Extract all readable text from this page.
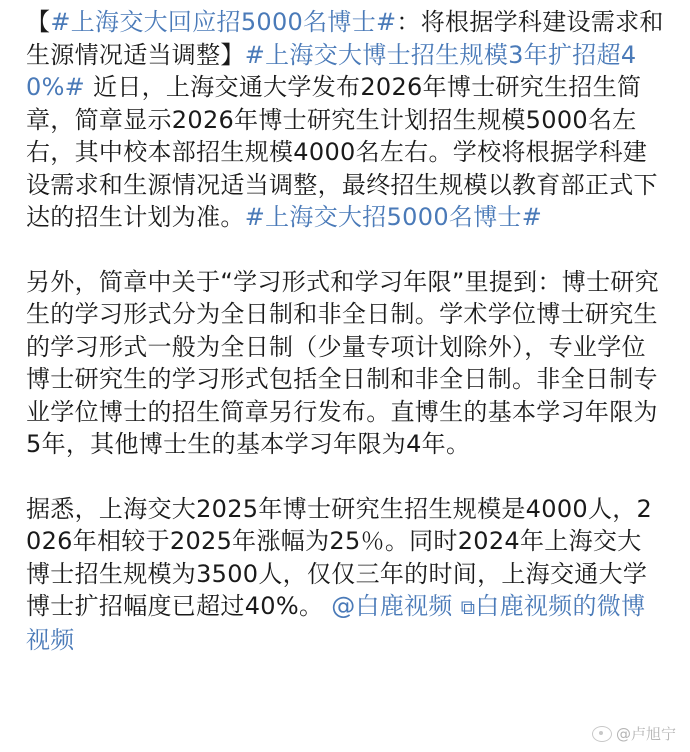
【#上海交大回应招5000名博士#：将根据学科建设需求和生源情况适当调整】#上海交大博士招生规模3年扩招超40%# 近日，上海交通大学发布2026年博士研究生招生简章，简章显示2026年博士研究生计划招生规模5000名左右，其中校本部招生规模4000名左右。学校将根据学科建设需求和生源情况适当调整，最终招生规模以教育部正式下达的招生计划为准。#上海交大招5000名博士#

另外，简章中关于“学习形式和学习年限”里提到：博士研究生的学习形式分为全日制和非全日制。学术学位博士研究生的学习形式一般为全日制（少量专项计划除外），专业学位博士研究生的学习形式包括全日制和非全日制。非全日制专业学位博士的招生简章另行发布。直博生的基本学习年限为5年，其他博士生的基本学习年限为4年。

据悉，上海交大2025年博士研究生招生规模是4000人，2026年相较于2025年涨幅为25％。同时2024年上海交大博士招生规模为3500人，仅仅三年的时间，上海交通大学博士扩招幅度已超过40%。 @白鹿视频 ⧉白鹿视频的微博视频

@卢旭宁
